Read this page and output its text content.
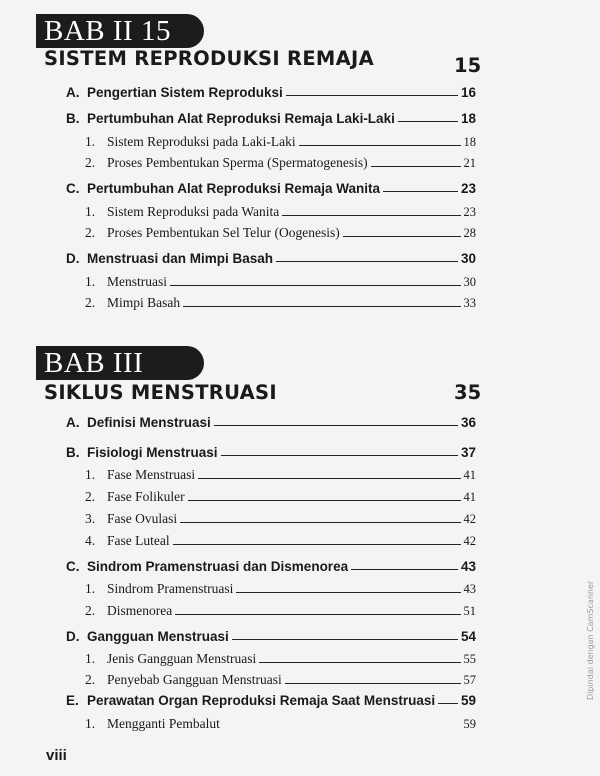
BAB II 15
SISTEM REPRODUKSI REMAJA	15
A. Pengertian Sistem Reproduksi	16
B. Pertumbuhan Alat Reproduksi Remaja Laki-Laki	18
1. Sistem Reproduksi pada Laki-Laki	18
2. Proses Pembentukan Sperma (Spermatogenesis)	21
C. Pertumbuhan Alat Reproduksi Remaja Wanita	23
1. Sistem Reproduksi pada Wanita	23
2. Proses Pembentukan Sel Telur (Oogenesis)	28
D. Menstruasi dan Mimpi Basah	30
1. Menstruasi	30
2. Mimpi Basah	33
BAB III
SIKLUS MENSTRUASI	35
A. Definisi Menstruasi	36
B. Fisiologi Menstruasi	37
1. Fase Menstruasi	41
2. Fase Folikuler	41
3. Fase Ovulasi	42
4. Fase Luteal	42
C. Sindrom Pramenstruasi dan Dismenorea	43
1. Sindrom Pramenstruasi	43
2. Dismenorea	51
D. Gangguan Menstruasi	54
1. Jenis Gangguan Menstruasi	55
2. Penyebab Gangguan Menstruasi	57
E. Perawatan Organ Reproduksi Remaja Saat Menstruasi 59
1. Mengganti Pembalut	59
viii
Dipindai dengan CamScanner
